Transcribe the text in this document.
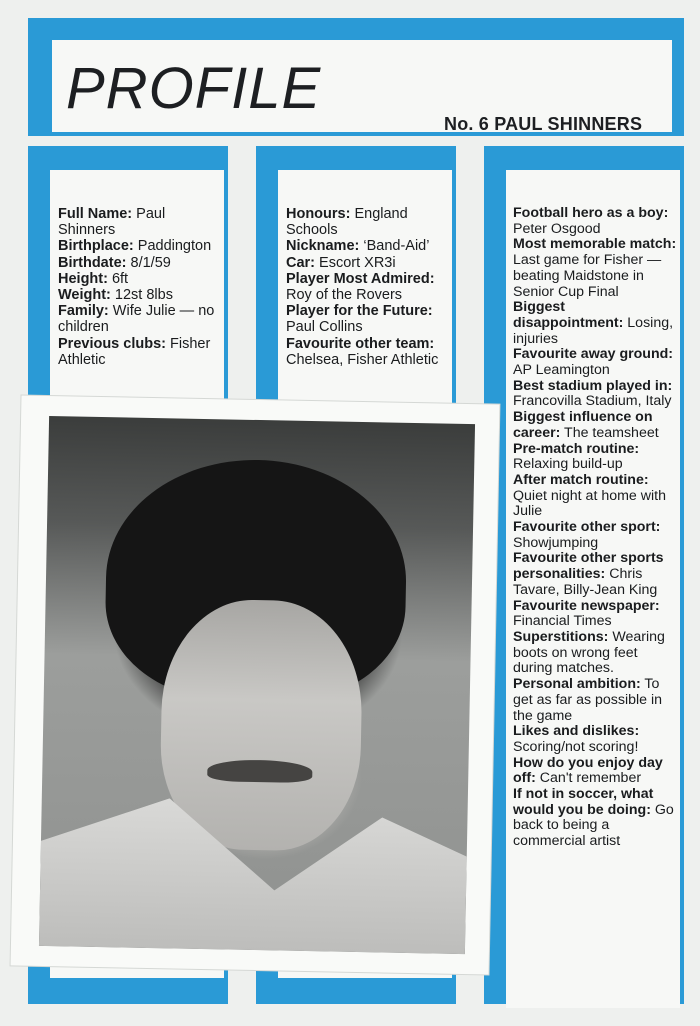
PROFILE
No. 6 PAUL SHINNERS

Full Name: Paul Shinners

Birthplace: Paddington

Birthdate: 8/1/59

Height: 6ft

Weight: 12st 8lbs

Family: Wife Julie — no children

Previous clubs: Fisher Athletic

Honours: England Schools

Nickname: ‘Band-Aid’

Car: Escort XR3i

Player Most Admired: Roy of the Rovers

Player for the Future: Paul Collins

Favourite other team: Chelsea, Fisher Athletic

Football hero as a boy: Peter Osgood

Most memorable match: Last game for Fisher — beating Maidstone in Senior Cup Final

Biggest disappointment: Losing, injuries

Favourite away ground: AP Leamington

Best stadium played in: Francovilla Stadium, Italy

Biggest influence on career: The teamsheet

Pre-match routine: Relaxing build-up

After match routine: Quiet night at home with Julie

Favourite other sport: Showjumping

Favourite other sports personalities: Chris Tavare, Billy-Jean King

Favourite newspaper: Financial Times

Superstitions: Wearing boots on wrong feet during matches.

Personal ambition: To get as far as possible in the game

Likes and dislikes: Scoring/not scoring!

How do you enjoy day off: Can't remember

If not in soccer, what would you be doing: Go back to being a commercial artist
